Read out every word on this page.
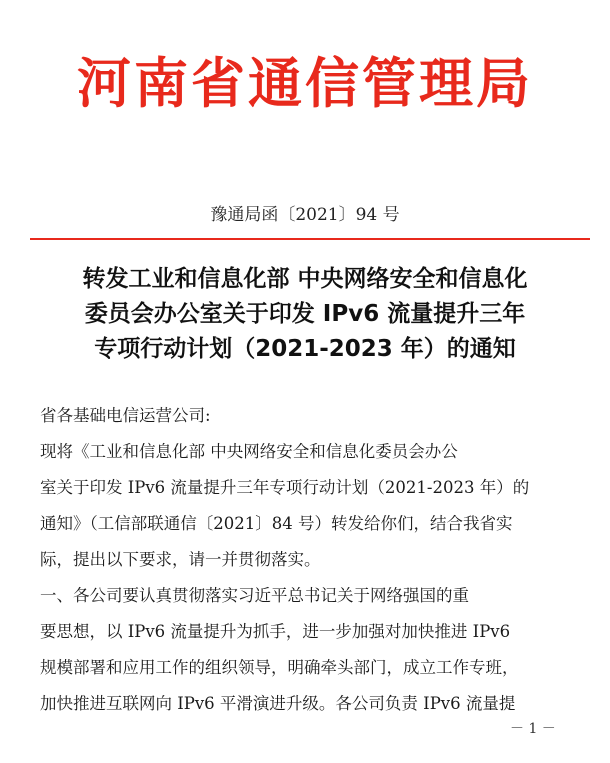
河南省通信管理局
豫通局函〔2021〕94 号
转发工业和信息化部 中央网络安全和信息化
委员会办公室关于印发 IPv6 流量提升三年
专项行动计划（2021-2023 年）的通知
省各基础电信运营公司:
现将《工业和信息化部 中央网络安全和信息化委员会办公
室关于印发 IPv6 流量提升三年专项行动计划（2021-2023 年）的
通知》（工信部联通信〔2021〕84 号）转发给你们，结合我省实
际，提出以下要求，请一并贯彻落实。
一、各公司要认真贯彻落实习近平总书记关于网络强国的重
要思想，以 IPv6 流量提升为抓手，进一步加强对加快推进 IPv6
规模部署和应用工作的组织领导，明确牵头部门，成立工作专班，
加快推进互联网向 IPv6 平滑演进升级。各公司负责 IPv6 流量提
－ 1 －
